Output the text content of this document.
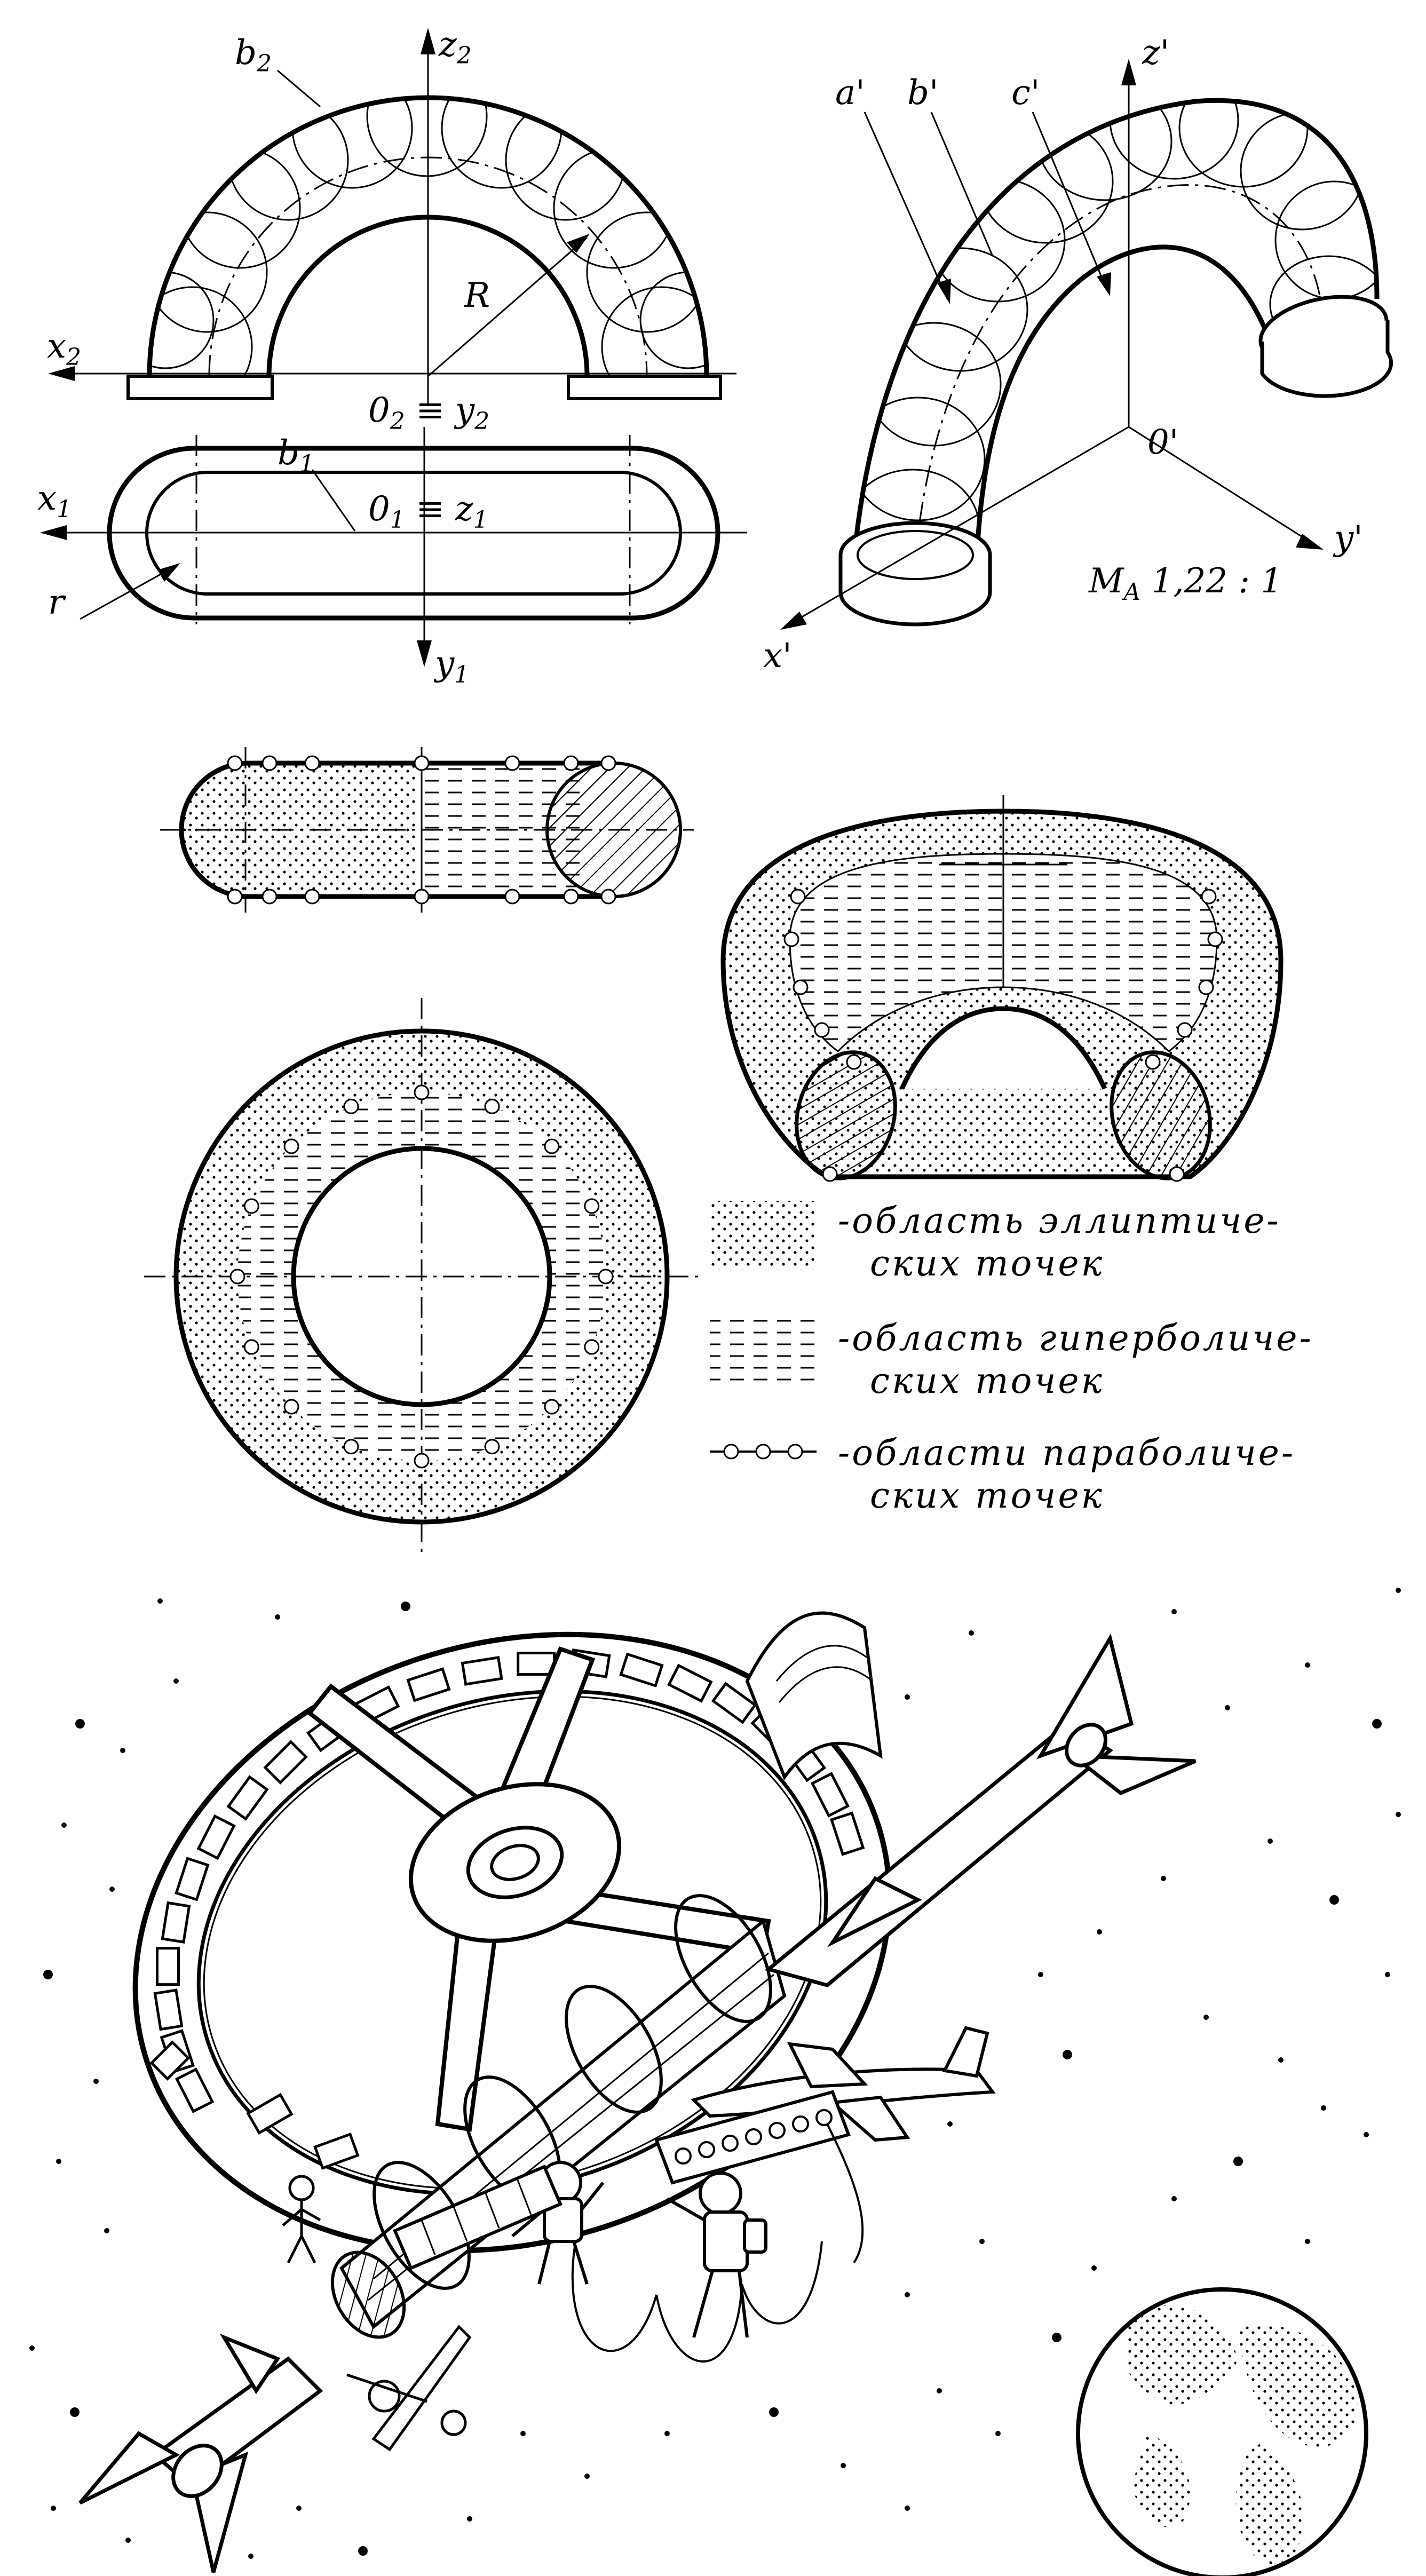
$z_2$
$x_2$
$b_2$
R
$0_2 \equiv y_2$
$x_1$
$b_1$
$0_1 \equiv z_1$
r
$y_1$
z'
a' b' c'
0'
x'
y'
$M_A$ 1,22 : 1
-область эллиптиче-
ских точек
-область гиперболиче-
ских точек
-области параболиче-
ских точек
